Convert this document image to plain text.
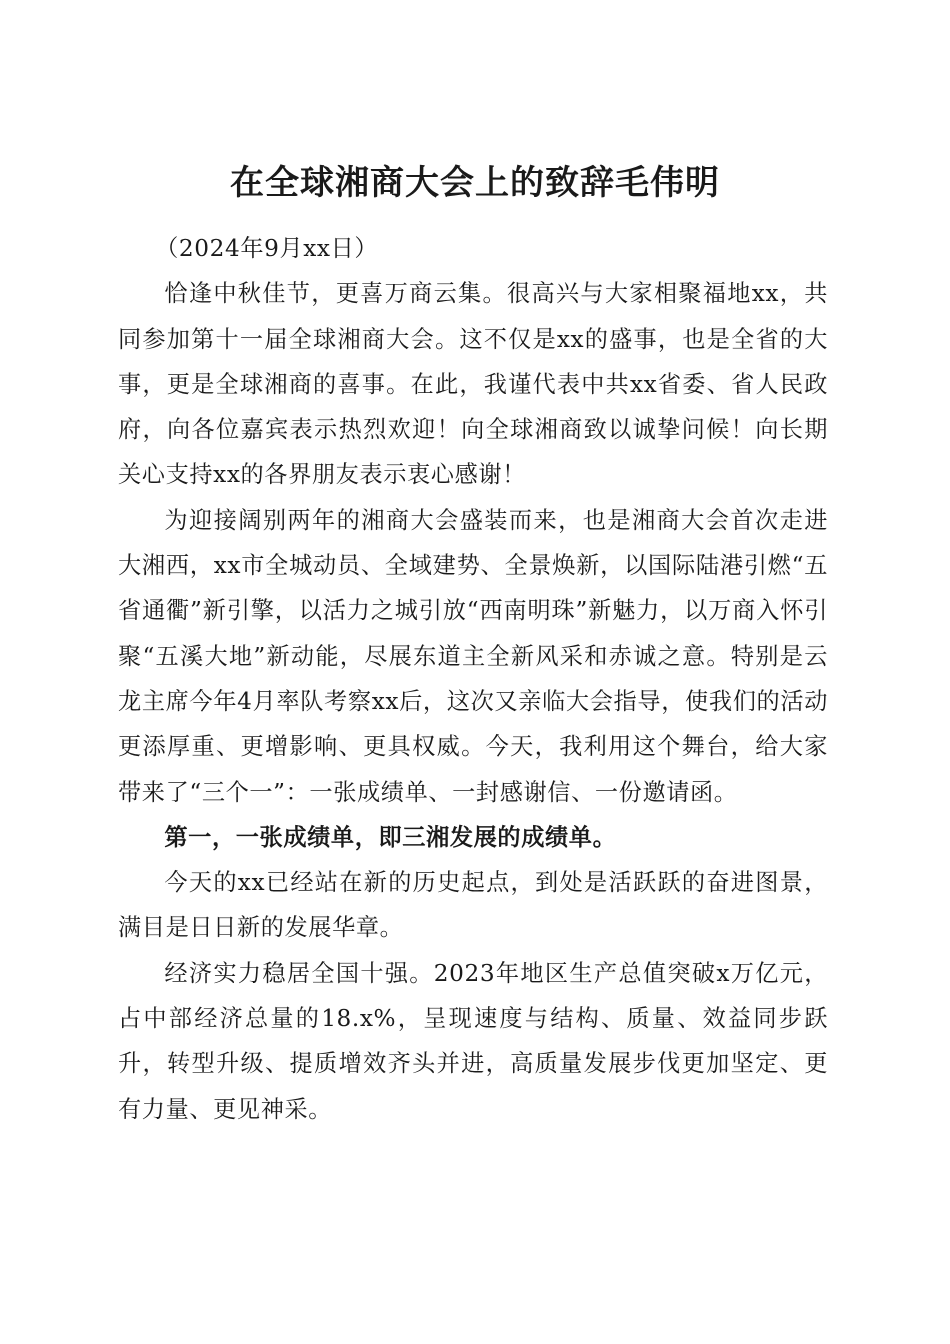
在全球湘商大会上的致辞毛伟明

（2024年9月xx日）

恰逢中秋佳节，更喜万商云集。很高兴与大家相聚福地xx，共同参加第十一届全球湘商大会。这不仅是xx的盛事，也是全省的大事，更是全球湘商的喜事。在此，我谨代表中共xx省委、省人民政府，向各位嘉宾表示热烈欢迎！向全球湘商致以诚挚问候！向长期关心支持xx的各界朋友表示衷心感谢！

为迎接阔别两年的湘商大会盛装而来，也是湘商大会首次走进大湘西，xx市全城动员、全域建势、全景焕新，以国际陆港引燃“五省通衢”新引擎，以活力之城引放“西南明珠”新魅力，以万商入怀引聚“五溪大地”新动能，尽展东道主全新风采和赤诚之意。特别是云龙主席今年4月率队考察xx后，这次又亲临大会指导，使我们的活动更添厚重、更增影响、更具权威。今天，我利用这个舞台，给大家带来了“三个一”：一张成绩单、一封感谢信、一份邀请函。

第一，一张成绩单，即三湘发展的成绩单。

今天的xx已经站在新的历史起点，到处是活跃跃的奋进图景，满目是日日新的发展华章。

经济实力稳居全国十强。2023年地区生产总值突破x万亿元，占中部经济总量的18.x%，呈现速度与结构、质量、效益同步跃升，转型升级、提质增效齐头并进，高质量发展步伐更加坚定、更有力量、更见神采。
